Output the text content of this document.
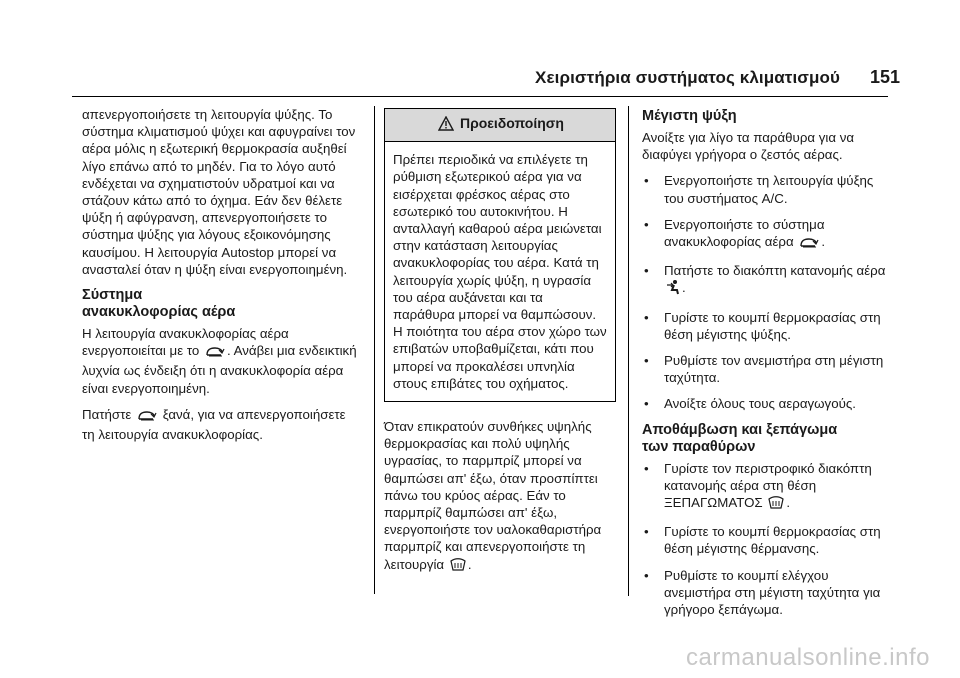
Χειριστήρια συστήματος κλιματισμού 151

απενεργοποιήσετε τη λειτουργία ψύξης. Το σύστημα κλιματισμού ψύχει και αφυγραίνει τον αέρα μόλις η εξωτερική θερμοκρασία αυξηθεί λίγο επάνω από το μηδέν. Για το λόγο αυτό ενδέχεται να σχηματιστούν υδρατμοί και να στάζουν κάτω από το όχημα. Εάν δεν θέλετε ψύξη ή αφύγρανση, απενεργοποιήσετε το σύστημα ψύξης για λόγους εξοικονόμησης καυσίμου. Η λειτουργία Autostop μπορεί να ανασταλεί όταν η ψύξη είναι ενεργοποιημένη.

Σύστημα
ανακυκλοφορίας αέρα

Η λειτουργία ανακυκλοφορίας αέρα ενεργοποιείται με το . Ανάβει μια ενδεικτική λυχνία ως ένδειξη ότι η ανακυκλοφορία αέρα είναι ενεργοποιημένη.

Πατήστε ξανά, για να απενεργοποιήσετε τη λειτουργία ανακυκλοφορίας.

Προειδοποίηση
Πρέπει περιοδικά να επιλέγετε τη ρύθμιση εξωτερικού αέρα για να εισέρχεται φρέσκος αέρας στο εσωτερικό του αυτοκινήτου. Η ανταλλαγή καθαρού αέρα μειώνεται στην κατάσταση λειτουργίας ανακυκλοφορίας του αέρα. Κατά τη λειτουργία χωρίς ψύξη, η υγρασία του αέρα αυξάνεται και τα παράθυρα μπορεί να θαμπώσουν. Η ποιότητα του αέρα στον χώρο των επιβατών υποβαθμίζεται, κάτι που μπορεί να προκαλέσει υπνηλία στους επιβάτες του οχήματος.

Όταν επικρατούν συνθήκες υψηλής θερμοκρασίας και πολύ υψηλής υγρασίας, το παρμπρίζ μπορεί να θαμπώσει απ' έξω, όταν προσπίπτει πάνω του κρύος αέρας. Εάν το παρμπρίζ θαμπώσει απ' έξω, ενεργοποιήστε τον υαλοκαθαριστήρα παρμπρίζ και απενεργοποιήστε τη λειτουργία .

Μέγιστη ψύξη

Ανοίξτε για λίγο τα παράθυρα για να διαφύγει γρήγορα ο ζεστός αέρας.

• Ενεργοποιήστε τη λειτουργία ψύξης του συστήματος A/C.
• Ενεργοποιήστε το σύστημα ανακυκλοφορίας αέρα .
• Πατήστε το διακόπτη κατανομής αέρα .
• Γυρίστε το κουμπί θερμοκρασίας στη θέση μέγιστης ψύξης.
• Ρυθμίστε τον ανεμιστήρα στη μέγιστη ταχύτητα.
• Ανοίξτε όλους τους αεραγωγούς.
Αποθάμβωση και ξεπάγωμα
των παραθύρων
• Γυρίστε τον περιστροφικό διακόπτη κατανομής αέρα στη θέση ΞΕΠΑΓΩΜΑΤΟΣ .
• Γυρίστε το κουμπί θερμοκρασίας στη θέση μέγιστης θέρμανσης.
• Ρυθμίστε το κουμπί ελέγχου ανεμιστήρα στη μέγιστη ταχύτητα για γρήγορο ξεπάγωμα.
carmanualsonline.info
